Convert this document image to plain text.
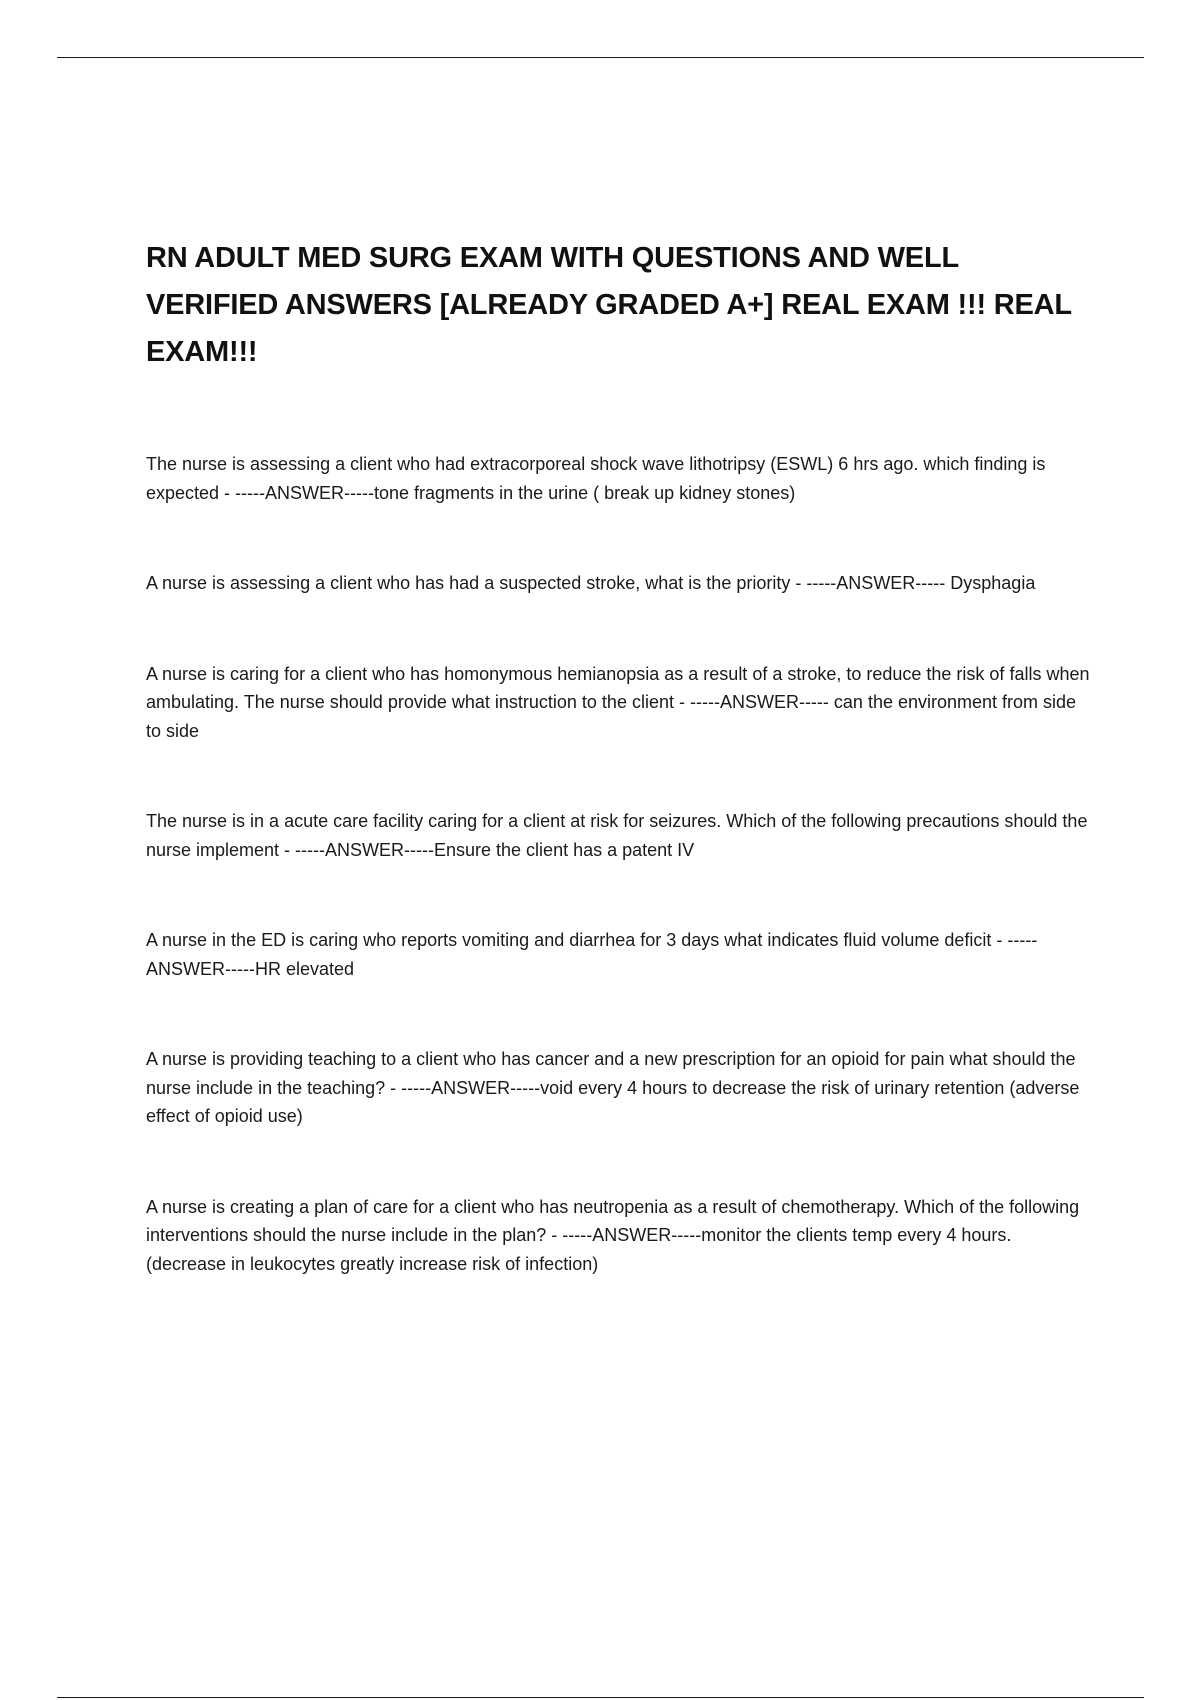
RN ADULT MED SURG EXAM WITH QUESTIONS AND WELL VERIFIED ANSWERS [ALREADY GRADED A+] REAL EXAM !!! REAL EXAM!!!

The nurse is assessing a client who had extracorporeal shock wave lithotripsy (ESWL) 6 hrs ago. which finding is expected - -----ANSWER-----tone fragments in the urine ( break up kidney stones)

A nurse is assessing a client who has had a suspected stroke, what is the priority - -----ANSWER----- Dysphagia

A nurse is caring for a client who has homonymous hemianopsia as a result of a stroke, to reduce the risk of falls when ambulating. The nurse should provide what instruction to the client - -----ANSWER----- can the environment from side to side

The nurse is in a acute care facility caring for a client at risk for seizures. Which of the following precautions should the nurse implement - -----ANSWER-----Ensure the client has a patent IV

A nurse in the ED is caring who reports vomiting and diarrhea for 3 days what indicates fluid volume deficit - -----ANSWER-----HR elevated

A nurse is providing teaching to a client who has cancer and a new prescription for an opioid for pain what should the nurse include in the teaching? - -----ANSWER-----void every 4 hours to decrease the risk of urinary retention (adverse effect of opioid use)

A nurse is creating a plan of care for a client who has neutropenia as a result of chemotherapy. Which of the following interventions should the nurse include in the plan? - -----ANSWER-----monitor the clients temp every 4 hours. (decrease in leukocytes greatly increase risk of infection)
